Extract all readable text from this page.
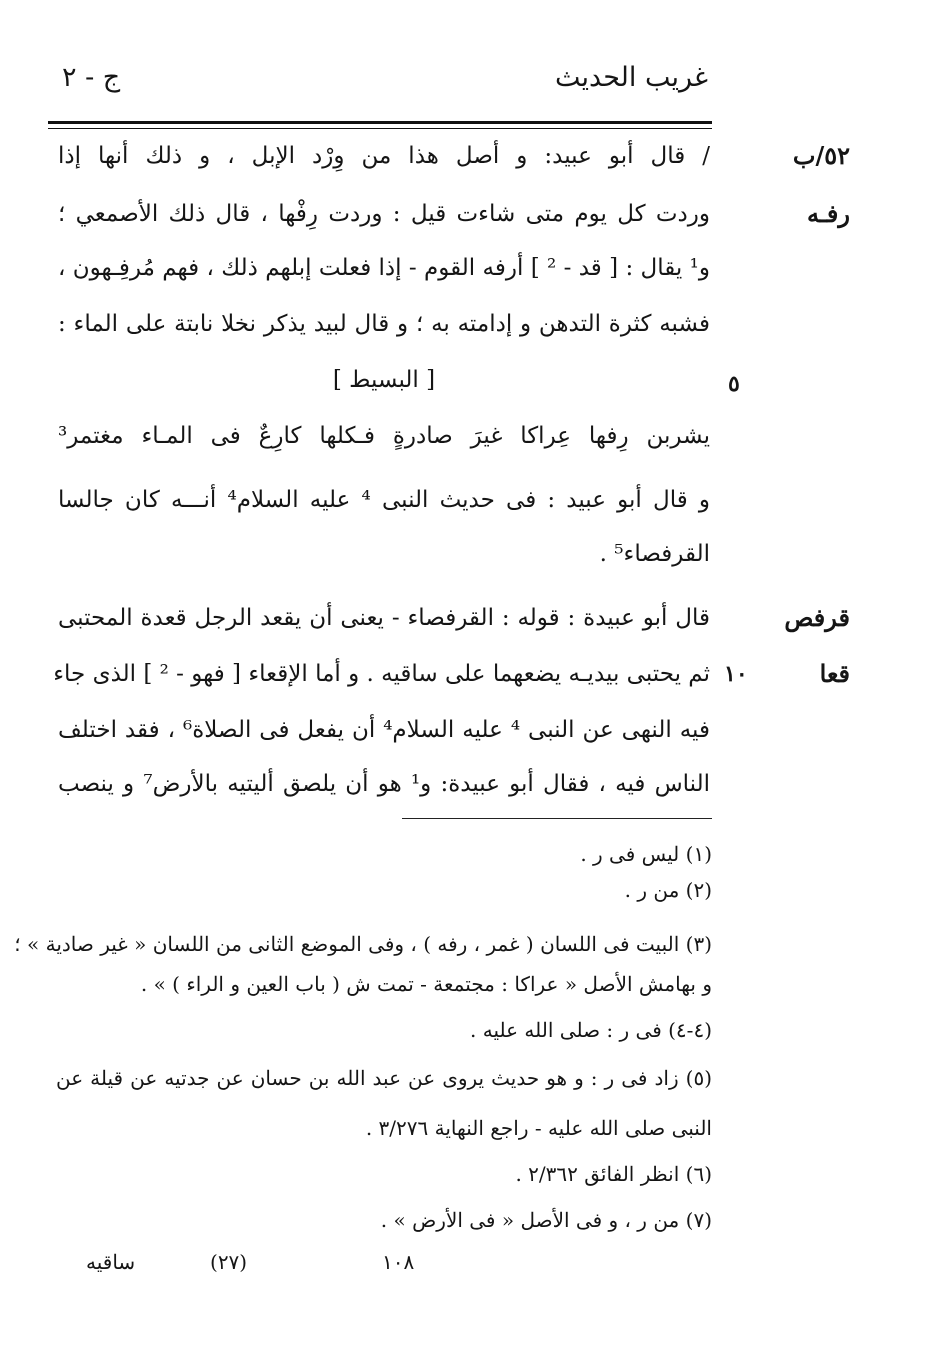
غريب الحديث
ج - ٢
٥٢/ب
رفـه
٥
قرفص
قعا
١٠
/ قال أبو عبيد: و أصل هذا من وِرْد الإبل ، و ذلك أنها إذا
وردت كل يوم متى شاءت قيل : وردت رِفْها ، قال ذلك الأصمعي ؛
و¹ يقال : [ قد - ² ] أرفه القوم - إذا فعلت إبلهم ذلك ، فهم مُرفِـهون ،
فشبه كثرة التدهن و إدامته به ؛ و قال لبيد يذكر نخلا نابتة على الماء :
[ البسيط ]
يشربن رِفها عِراكا غيرَ صادرةٍ فـكلها كارِعٌ فى المـاء مغتمر³
و قال أبو عبيد : فى حديث النبى ⁴ عليه السلام⁴ أنـــه كان جالسا
القرفصاء⁵ .
قال أبو عبيدة : قوله : القرفصاء - يعنى أن يقعد الرجل قعدة المحتبى
ثم يحتبى بيديـه يضعهما على ساقيه . و أما الإقعاء [ فهو - ² ] الذى جاء
فيه النهى عن النبى ⁴ عليه السلام⁴ أن يفعل فى الصلاة⁶ ، فقد اختلف
الناس فيه ، فقال أبو عبيدة: و¹ هو أن يلصق أليتيه بالأرض⁷ و ينصب
(١) ليس فى ر .
(٢) من ر .
(٣) البيت فى اللسان ( غمر ، رفه ) ، وفى الموضع الثانى من اللسان « غير صادية » ؛
و بهامش الأصل « عراكا : مجتمعة - تمت ش ( باب العين و الراء ) » .
(٤-٤) فى ر : صلى الله عليه .
(٥) زاد فى ر : و هو حديث يروى عن عبد الله بن حسان عن جدتيه عن قيلة عن
النبى صلى الله عليه - راجع النهاية ٣/٢٧٦ .
(٦) انظر الفائق ٢/٣٦٢ .
(٧) من ر ، و فى الأصل « فى الأرض » .
ساقيه	(٢٧)	١٠٨
